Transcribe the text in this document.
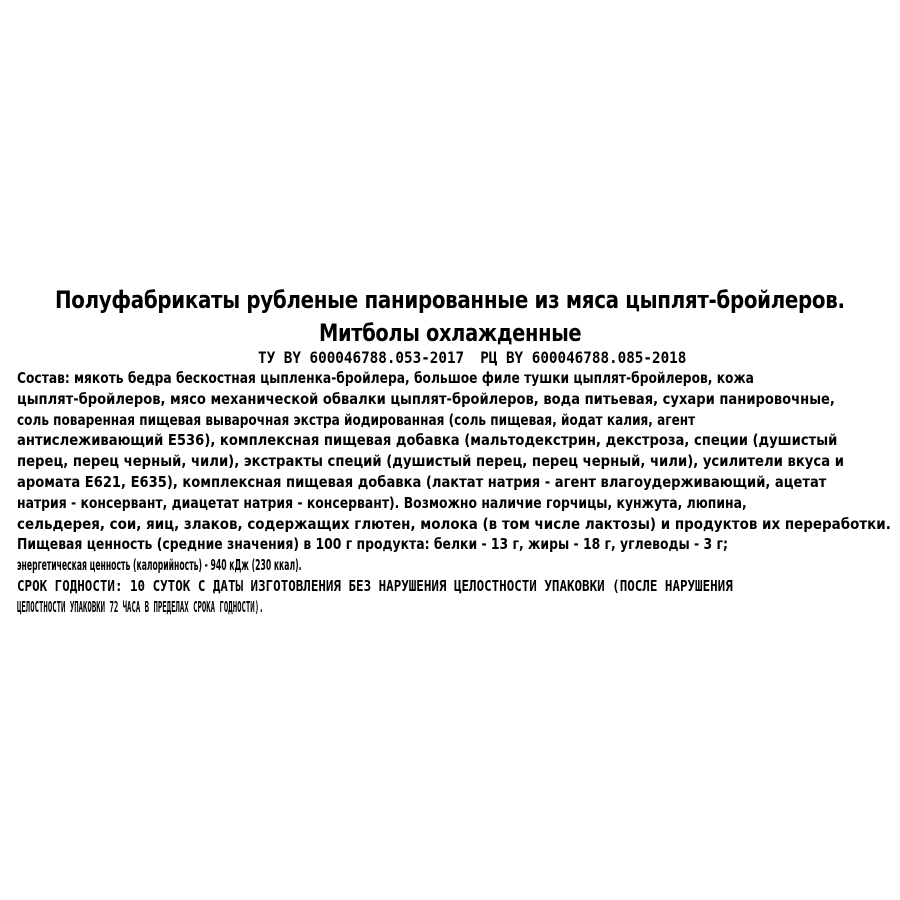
Полуфабрикаты рубленые панированные из мяса цыплят-бройлеров.
Митболы охлажденные
ТУ BY 600046788.053-2017 РЦ BY 600046788.085-2018
Состав: мякоть бедра бескостная цыпленка-бройлера, большое филе тушки цыплят-бройлеров, кожа
цыплят-бройлеров, мясо механической обвалки цыплят-бройлеров, вода питьевая, сухари панировочные,
соль поваренная пищевая выварочная экстра йодированная (соль пищевая, йодат калия, агент
антислеживающий Е536), комплексная пищевая добавка (мальтодекстрин, декстроза, специи (душистый
перец, перец черный, чили), экстракты специй (душистый перец, перец черный, чили), усилители вкуса и
аромата Е621, Е635), комплексная пищевая добавка (лактат натрия - агент влагоудерживающий, ацетат
натрия - консервант, диацетат натрия - консервант). Возможно наличие горчицы, кунжута, люпина,
сельдерея, сои, яиц, злаков, содержащих глютен, молока (в том числе лактозы) и продуктов их переработки.
Пищевая ценность (средние значения) в 100 г продукта: белки - 13 г, жиры - 18 г, углеводы - 3 г;
энергетическая ценность (калорийность) - 940 кДж (230 ккал).
СРОК ГОДНОСТИ: 10 СУТОК С ДАТЫ ИЗГОТОВЛЕНИЯ БЕЗ НАРУШЕНИЯ ЦЕЛОСТНОСТИ УПАКОВКИ (ПОСЛЕ НАРУШЕНИЯ
ЦЕЛОСТНОСТИ УПАКОВКИ 72 ЧАСА В ПРЕДЕЛАХ СРОКА ГОДНОСТИ).
